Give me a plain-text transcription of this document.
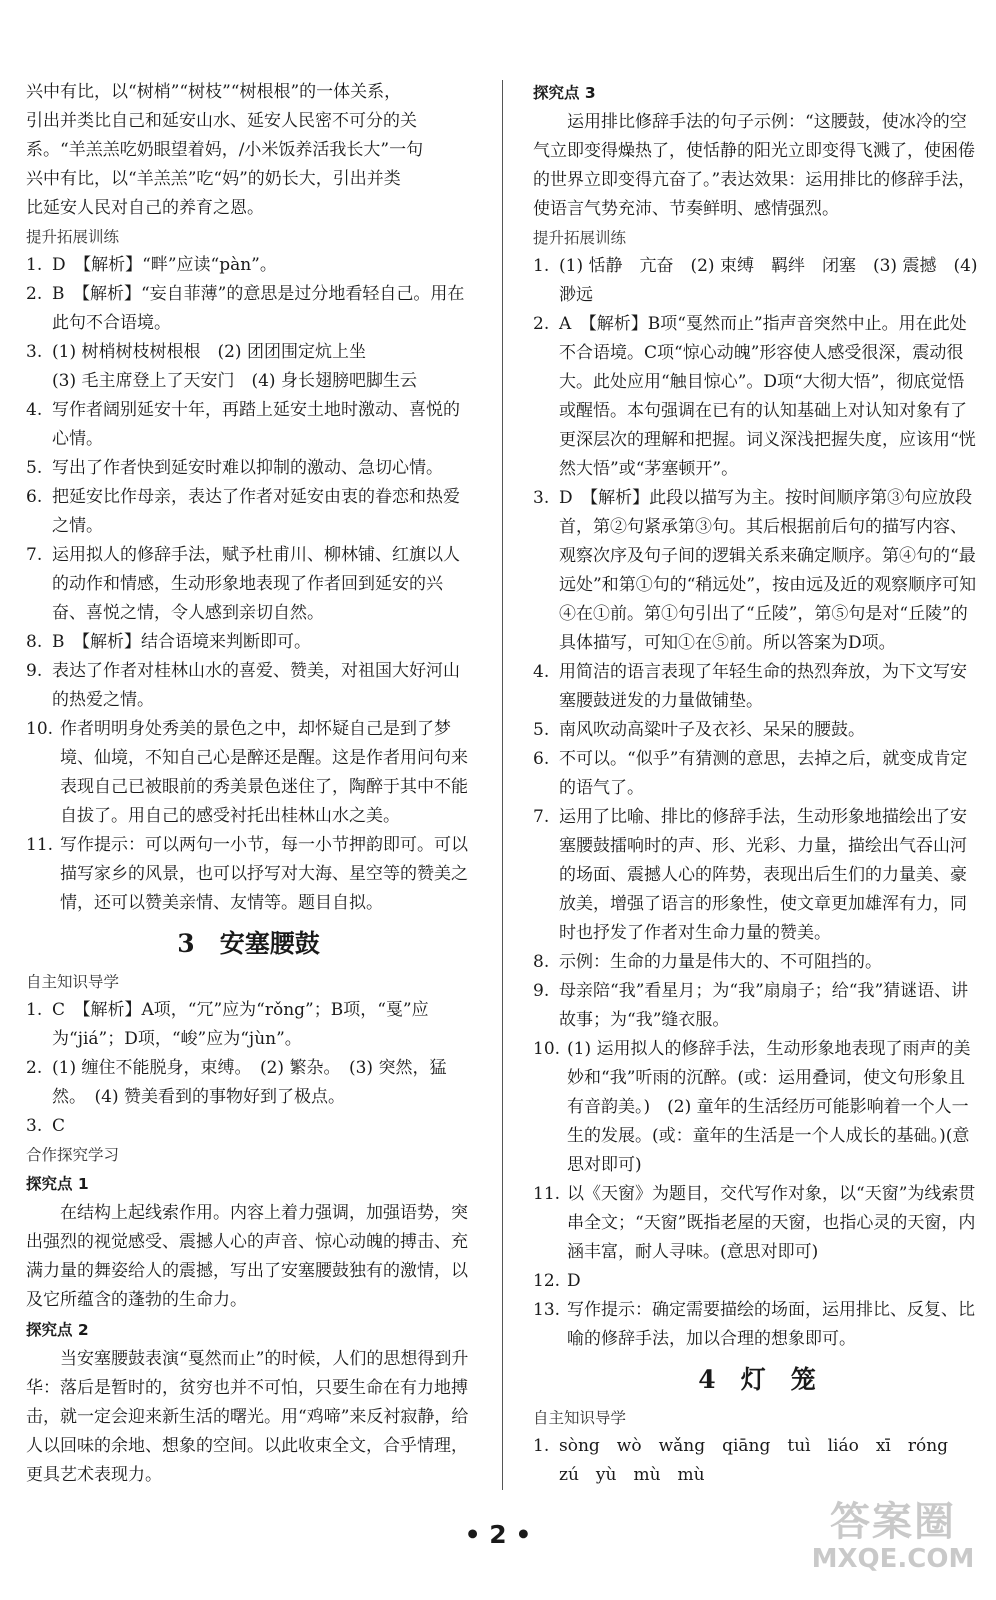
兴中有比，以“树梢”“树枝”“树根根”的一体关系，

引出并类比自己和延安山水、延安人民密不可分的关

系。“羊羔羔吃奶眼望着妈，/小米饭养活我长大”一句

兴中有比，以“羊羔羔”吃“妈”的奶长大，引出并类

比延安人民对自己的养育之恩。

提升拓展训练

1. D　【解析】“畔”应读“pàn”。
2. B　【解析】“妄自菲薄”的意思是过分地看轻自己。用在此句不合语境。
3. (1) 树梢树枝树根根　(2) 团团围定炕上坐
(3) 毛主席登上了天安门　(4) 身长翅膀吧脚生云
4. 写作者阔别延安十年，再踏上延安土地时激动、喜悦的心情。
5. 写出了作者快到延安时难以抑制的激动、急切心情。
6. 把延安比作母亲，表达了作者对延安由衷的眷恋和热爱之情。
7. 运用拟人的修辞手法，赋予杜甫川、柳林铺、红旗以人的动作和情感，生动形象地表现了作者回到延安的兴奋、喜悦之情，令人感到亲切自然。
8. B　【解析】结合语境来判断即可。
9. 表达了作者对桂林山水的喜爱、赞美，对祖国大好河山的热爱之情。
10. 作者明明身处秀美的景色之中，却怀疑自己是到了梦境、仙境，不知自己心是醉还是醒。这是作者用问句来表现自己已被眼前的秀美景色迷住了，陶醉于其中不能自拔了。用自己的感受衬托出桂林山水之美。
11. 写作提示：可以两句一小节，每一小节押韵即可。可以描写家乡的风景，也可以抒写对大海、星空等的赞美之情，还可以赞美亲情、友情等。题目自拟。
3　安塞腰鼓

自主知识导学

1. C　【解析】A项，“冗”应为“rǒng”；B项，“戛”应为“jiá”；D项，“峻”应为“jùn”。
2. (1) 缠住不能脱身，束缚。　(2) 繁杂。　(3) 突然，猛然。　(4) 赞美看到的事物好到了极点。
3. C

合作探究学习

探究点 1

在结构上起线索作用。内容上着力强调，加强语势，突出强烈的视觉感受、震撼人心的声音、惊心动魄的搏击、充满力量的舞姿给人的震撼，写出了安塞腰鼓独有的激情，以及它所蕴含的蓬勃的生命力。

探究点 2

当安塞腰鼓表演“戛然而止”的时候，人们的思想得到升华：落后是暂时的，贫穷也并不可怕，只要生命在有力地搏击，就一定会迎来新生活的曙光。用“鸡啼”来反衬寂静，给人以回味的余地、想象的空间。以此收束全文，合乎情理，更具艺术表现力。

探究点 3

运用排比修辞手法的句子示例：“这腰鼓，使冰冷的空气立即变得燥热了，使恬静的阳光立即变得飞溅了，使困倦的世界立即变得亢奋了。”表达效果：运用排比的修辞手法，使语言气势充沛、节奏鲜明、感情强烈。

提升拓展训练

1. (1) 恬静　亢奋　(2) 束缚　羁绊　闭塞　(3) 震撼　(4) 渺远
2. A　【解析】B项“戛然而止”指声音突然中止。用在此处不合语境。C项“惊心动魄”形容使人感受很深，震动很大。此处应用“触目惊心”。D项“大彻大悟”，彻底觉悟或醒悟。本句强调在已有的认知基础上对认知对象有了更深层次的理解和把握。词义深浅把握失度，应该用“恍然大悟”或“茅塞顿开”。
3. D　【解析】此段以描写为主。按时间顺序第③句应放段首，第②句紧承第③句。其后根据前后句的描写内容、观察次序及句子间的逻辑关系来确定顺序。第④句的“最远处”和第①句的“稍远处”，按由远及近的观察顺序可知④在①前。第①句引出了“丘陵”，第⑤句是对“丘陵”的具体描写，可知①在⑤前。所以答案为D项。
4. 用简洁的语言表现了年轻生命的热烈奔放，为下文写安塞腰鼓迸发的力量做铺垫。
5. 南风吹动高粱叶子及衣衫、呆呆的腰鼓。
6. 不可以。“似乎”有猜测的意思，去掉之后，就变成肯定的语气了。
7. 运用了比喻、排比的修辞手法，生动形象地描绘出了安塞腰鼓擂响时的声、形、光彩、力量，描绘出气吞山河的场面、震撼人心的阵势，表现出后生们的力量美、豪放美，增强了语言的形象性，使文章更加雄浑有力，同时也抒发了作者对生命力量的赞美。
8. 示例：生命的力量是伟大的、不可阻挡的。
9. 母亲陪“我”看星月；为“我”扇扇子；给“我”猜谜语、讲故事；为“我”缝衣服。
10. (1) 运用拟人的修辞手法，生动形象地表现了雨声的美妙和“我”听雨的沉醉。(或：运用叠词，使文句形象且有音韵美。)　(2) 童年的生活经历可能影响着一个人一生的发展。(或：童年的生活是一个人成长的基础。)(意思对即可)
11. 以《天窗》为题目，交代写作对象，以“天窗”为线索贯串全文；“天窗”既指老屋的天窗，也指心灵的天窗，内涵丰富，耐人寻味。(意思对即可)
12. D
13. 写作提示：确定需要描绘的场面，运用排比、反复、比喻的修辞手法，加以合理的想象即可。
4　灯　笼

自主知识导学

1. sòng　wò　wǎng　qiāng　tuì　liáo　xī　róng　zú　yù　mù　mù
• 2 •	答案圈
MXQE.COM
